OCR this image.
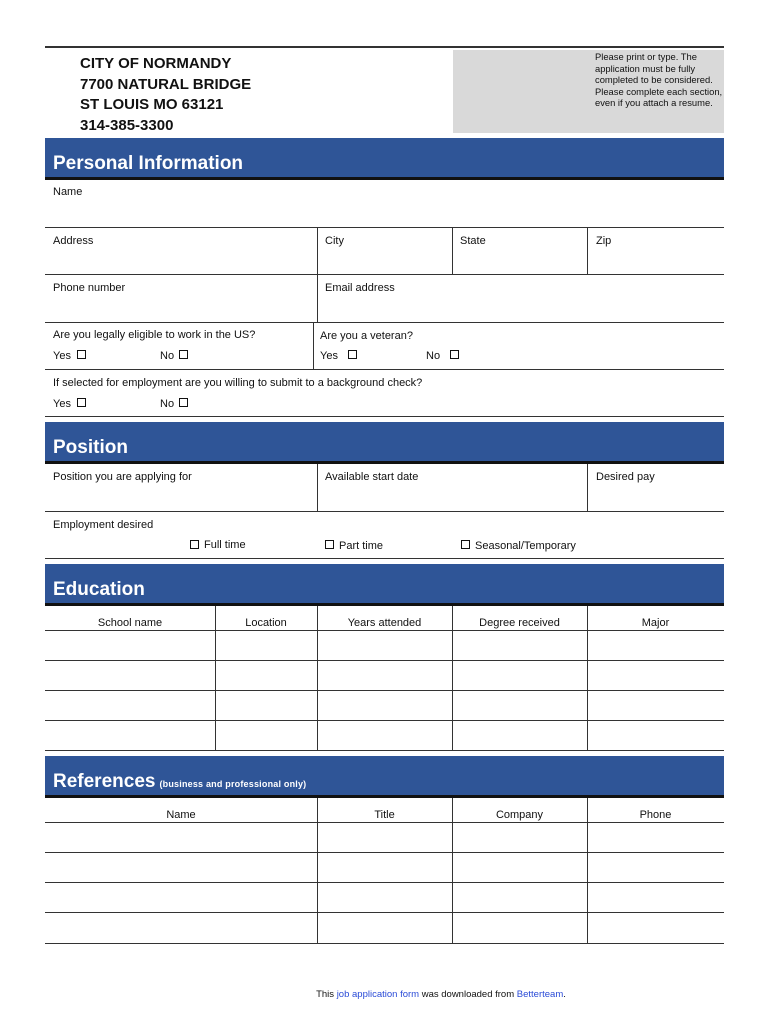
CITY OF NORMANDY
7700 NATURAL BRIDGE
ST LOUIS MO 63121
314-385-3300
Please print or type. The application must be fully completed to be considered. Please complete each section, even if you attach a resume.
Personal Information
Name
Address	City	State	Zip
Phone number	Email address
Are you legally eligible to work in the US?
Yes	No
Are you a veteran?
Yes	No
If selected for employment are you willing to submit to a background check?
Yes	No
Position
Position you are applying for	Available start date	Desired pay
Employment desired
Full time	Part time	Seasonal/Temporary
Education
School name	Location	Years attended	Degree received	Major
References (business and professional only)
Name	Title	Company	Phone
This job application form was downloaded from Betterteam.
